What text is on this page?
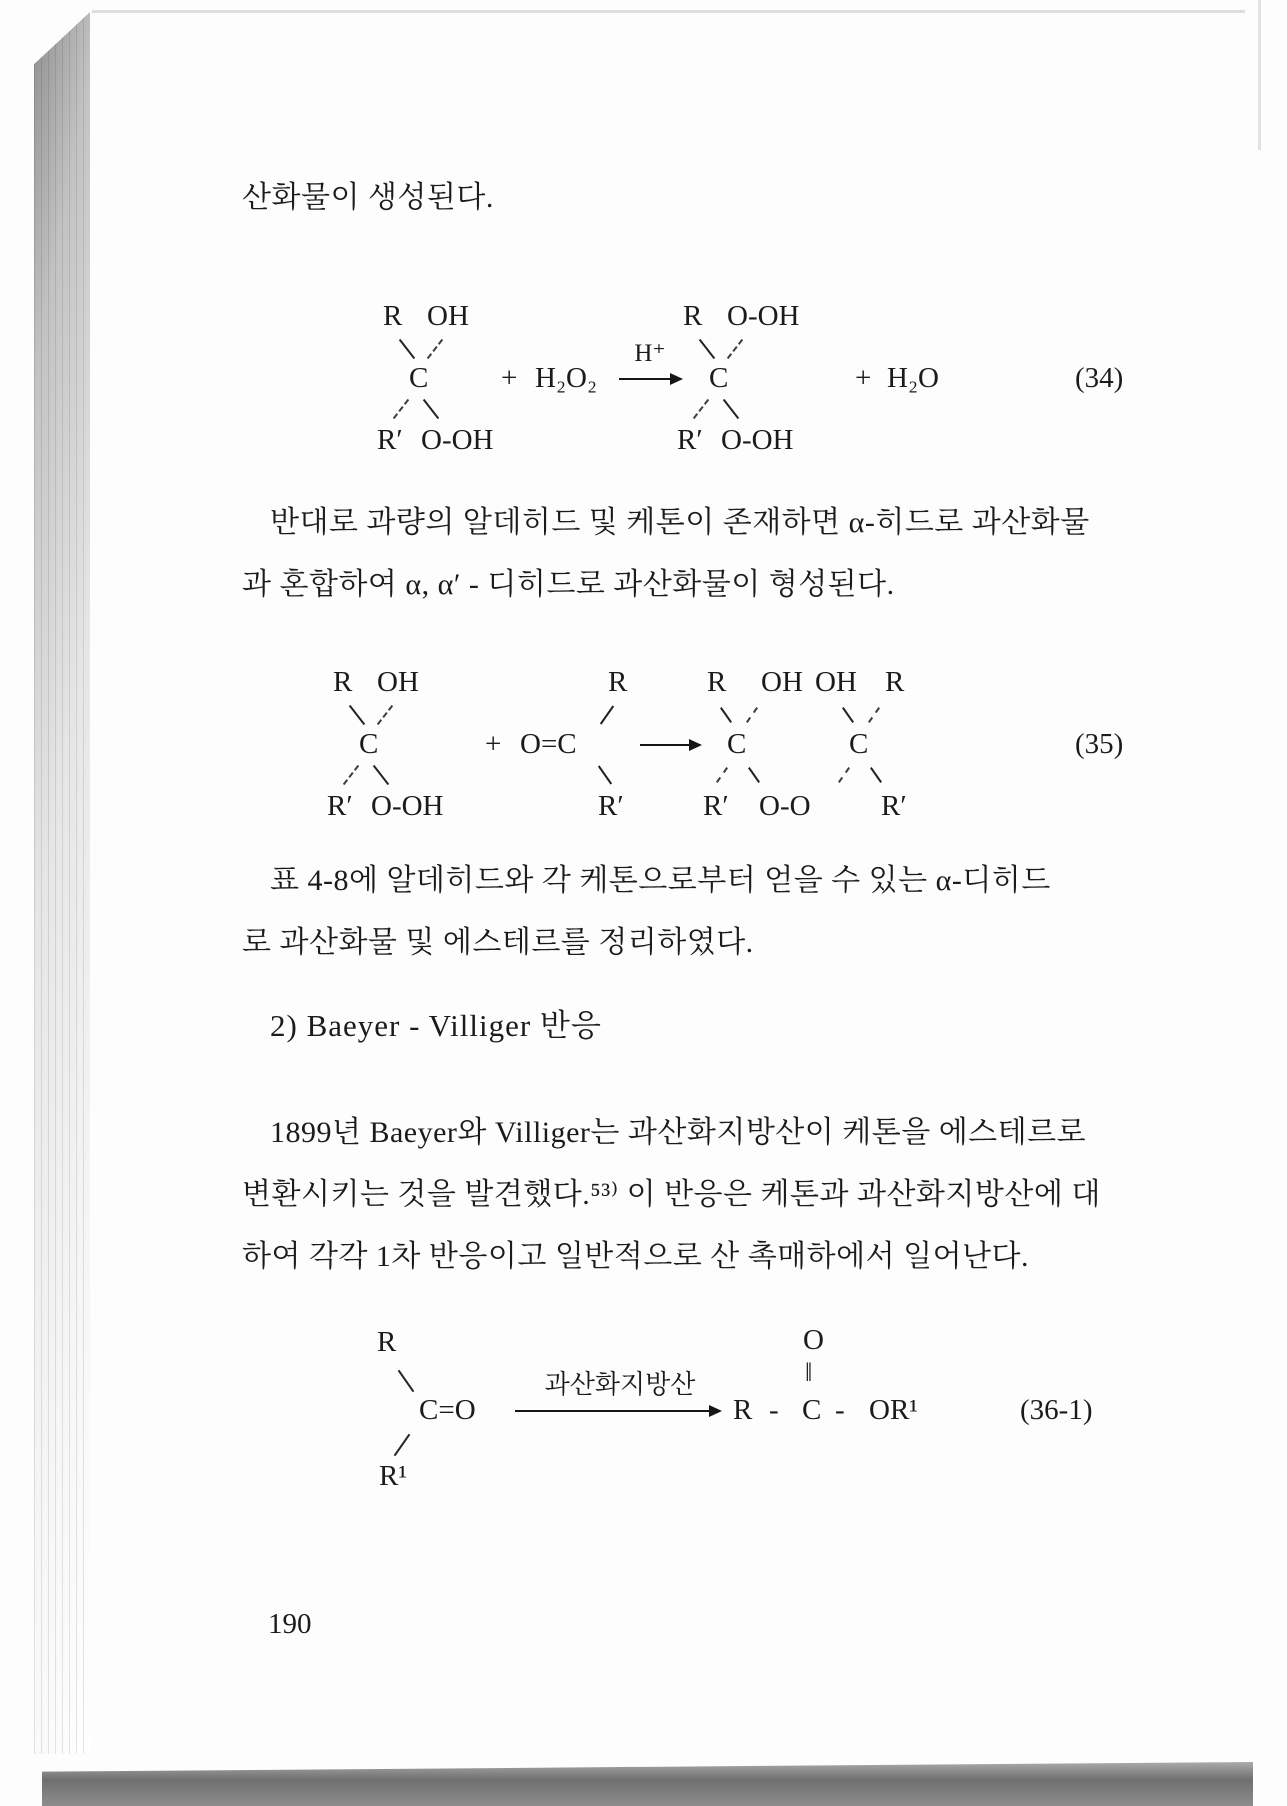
산화물이 생성된다.
R OH
C
R′ O-OH
+ H₂O₂
H⁺
R O-OH
C
R′ O-OH
+ H₂O	(34)
반대로 과량의 알데히드 및 케톤이 존재하면 α-히드로 과산화물
과 혼합하여 α, α′ - 디히드로 과산화물이 형성된다.
R OH
C
R′ O-OH
+
R
O=C
R′
R OH OH R
C	C
R′ O-O R′
(35)
표 4-8에 알데히드와 각 케톤으로부터 얻을 수 있는 α-디히드
로 과산화물 및 에스테르를 정리하였다.
2) Baeyer - Villiger 반응
1899년 Baeyer와 Villiger는 과산화지방산이 케톤을 에스테르로
변환시키는 것을 발견했다.⁵³⁾ 이 반응은 케톤과 과산화지방산에 대
하여 각각 1차 반응이고 일반적으로 산 촉매하에서 일어난다.
R
C=O
R¹
과산화지방산
O
‖
R - C - OR¹	(36-1)
190
